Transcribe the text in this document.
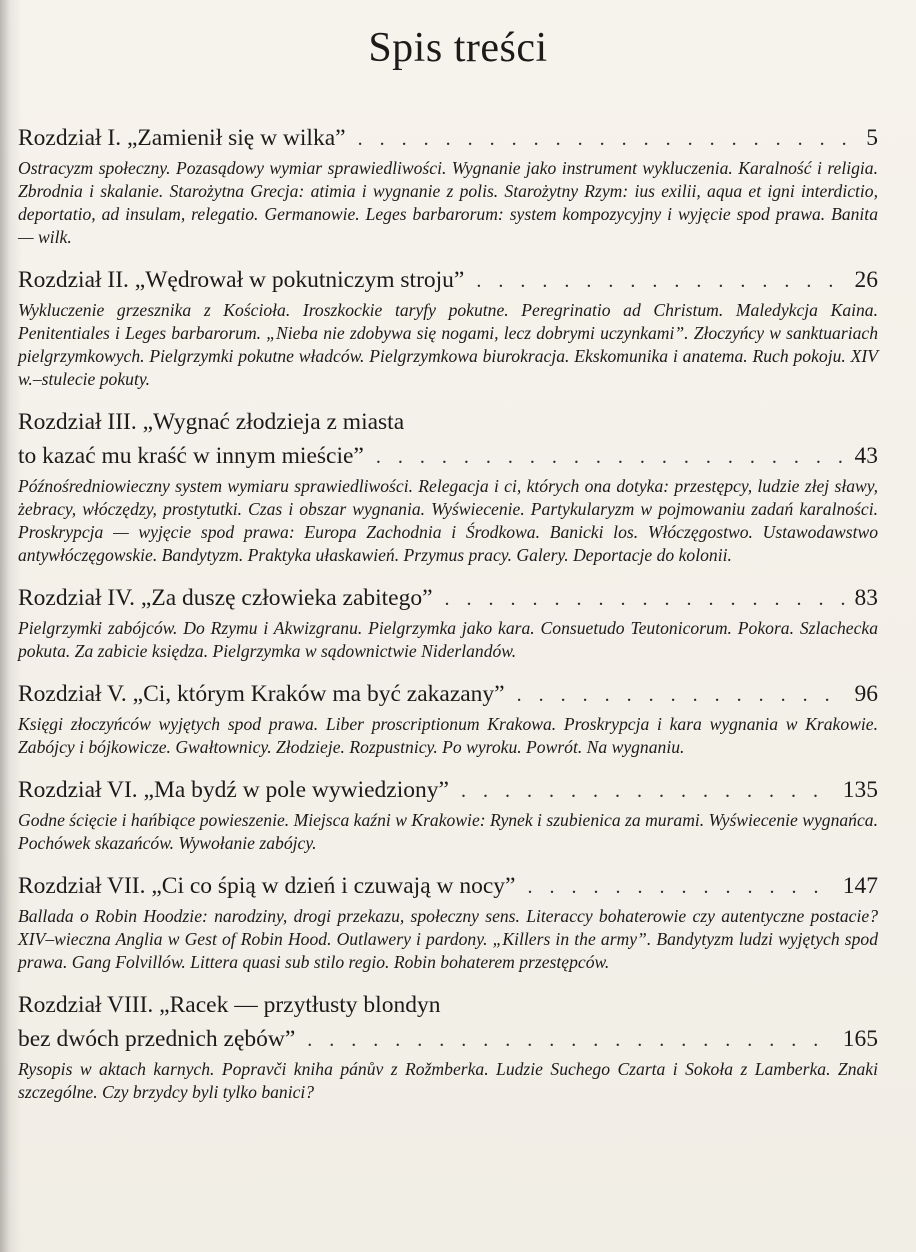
Spis treści
Rozdział I. „Zamienił się w wilka” . . .	5
Ostracyzm społeczny. Pozasądowy wymiar sprawiedliwości. Wygnanie jako instrument wykluczenia. Karalność i religia. Zbrodnia i skalanie. Starożytna Grecja: atimia i wygnanie z polis. Starożytny Rzym: ius exilii, aqua et igni interdictio, deportatio, ad insulam, relegatio. Germanowie. Leges barbarorum: system kompozycyjny i wyjęcie spod prawa. Banita — wilk.
Rozdział II. „Wędrował w pokutniczym stroju” . . .	26
Wykluczenie grzesznika z Kościoła. Iroszkockie taryfy pokutne. Peregrinatio ad Christum. Maledykcja Kaina. Penitentiales i Leges barbarorum. „Nieba nie zdobywa się nogami, lecz dobrymi uczynkami”. Złoczyńcy w sanktuariach pielgrzymkowych. Pielgrzymki pokutne władców. Pielgrzymkowa biurokracja. Ekskomunika i anatema. Ruch pokoju. XIV w.–stulecie pokuty.
Rozdział III. „Wygnać złodzieja z miasta
to kazać mu kraść w innym mieście” . . .	43
Późnośredniowieczny system wymiaru sprawiedliwości. Relegacja i ci, których ona dotyka: przestępcy, ludzie złej sławy, żebracy, włóczędzy, prostytutki. Czas i obszar wygnania. Wyświecenie. Partykularyzm w pojmowaniu zadań karalności. Proskrypcja — wyjęcie spod prawa: Europa Zachodnia i Środkowa. Banicki los. Włóczęgostwo. Ustawodawstwo antywłóczęgowskie. Bandytyzm. Praktyka ułaskawień. Przymus pracy. Galery. Deportacje do kolonii.
Rozdział IV. „Za duszę człowieka zabitego” . . .	83
Pielgrzymki zabójców. Do Rzymu i Akwizgranu. Pielgrzymka jako kara. Consuetudo Teutonicorum. Pokora. Szlachecka pokuta. Za zabicie księdza. Pielgrzymka w sądownictwie Niderlandów.
Rozdział V. „Ci, którym Kraków ma być zakazany” . . .	96
Księgi złoczyńców wyjętych spod prawa. Liber proscriptionum Krakowa. Proskrypcja i kara wygnania w Krakowie. Zabójcy i bójkowicze. Gwałtownicy. Złodzieje. Rozpustnicy. Po wyroku. Powrót. Na wygnaniu.
Rozdział VI. „Ma bydź w pole wywiedziony” . . .	135
Godne ścięcie i hańbiące powieszenie. Miejsca kaźni w Krakowie: Rynek i szubienica za murami. Wyświecenie wygnańca. Pochówek skazańców. Wywołanie zabójcy.
Rozdział VII. „Ci co śpią w dzień i czuwają w nocy” . . .	147
Ballada o Robin Hoodzie: narodziny, drogi przekazu, społeczny sens. Literaccy bohaterowie czy autentyczne postacie? XIV–wieczna Anglia w Gest of Robin Hood. Outlawery i pardony. „Killers in the army”. Bandytyzm ludzi wyjętych spod prawa. Gang Folvillów. Littera quasi sub stilo regio. Robin bohaterem przestępców.
Rozdział VIII. „Racek — przytłusty blondyn
bez dwóch przednich zębów” . . .	165
Rysopis w aktach karnych. Popravči kniha pánův z Rožmberka. Ludzie Suchego Czarta i Sokoła z Lamberka. Znaki szczególne. Czy brzydcy byli tylko banici?
